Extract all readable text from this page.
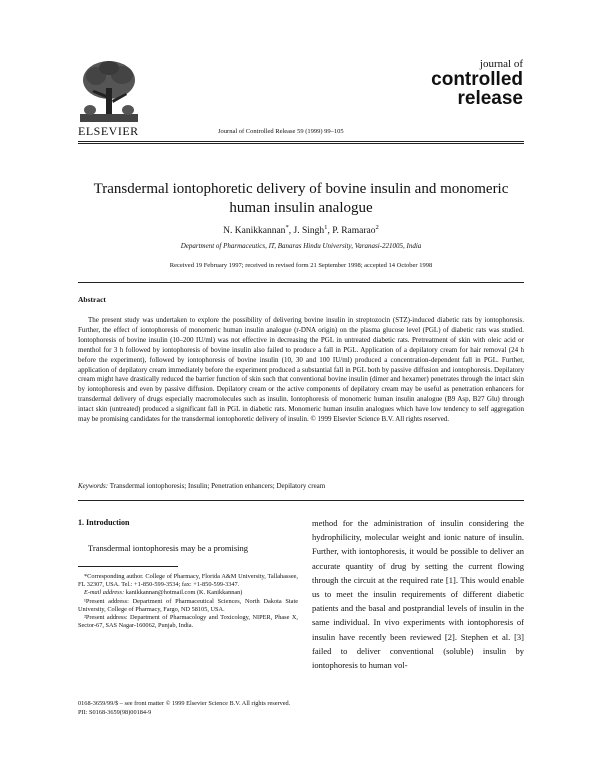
ELSEVIER	Journal of Controlled Release 59 (1999) 99–105
journal of
controlled
release
Transdermal iontophoretic delivery of bovine insulin and monomeric human insulin analogue
N. Kanikkannan*, J. Singh$^1$, P. Ramarao$^2$
Department of Pharmaceutics, IT, Banaras Hindu University, Varanasi-221005, India
Received 19 February 1997; received in revised form 21 September 1998; accepted 14 October 1998
Abstract
The present study was undertaken to explore the possibility of delivering bovine insulin in streptozocin (STZ)-induced diabetic rats by iontophoresis. Further, the effect of iontophoresis of monomeric human insulin analogue (r-DNA origin) on the plasma glucose level (PGL) of diabetic rats was studied. Iontophoresis of bovine insulin (10–200 IU/ml) was not effective in decreasing the PGL in untreated diabetic rats. Pretreatment of skin with oleic acid or menthol for 3 h followed by iontophoresis of bovine insulin also failed to produce a fall in PGL. Application of a depilatory cream for hair removal (24 h before the experiment), followed by iontophoresis of bovine insulin (10, 30 and 100 IU/ml) produced a concentration-dependent fall in PGL. Further, application of depilatory cream immediately before the experiment produced a substantial fall in PGL both by passive diffusion and iontophoresis. Depilatory cream might have drastically reduced the barrier function of skin such that conventional bovine insulin (dimer and hexamer) penetrates through the intact skin by iontophoresis and even by passive diffusion. Depilatory cream or the active components of depilatory cream may be useful as penetration enhancers for transdermal delivery of drugs especially macromolecules such as insulin. Iontophoresis of monomeric human insulin analogue (B9 Asp, B27 Glu) through intact skin (untreated) produced a significant fall in PGL in diabetic rats. Monomeric human insulin analogues which have low tendency to self aggregation may be promising candidates for the transdermal iontophoretic delivery of insulin. © 1999 Elsevier Science B.V. All rights reserved.
Keywords: Transdermal iontophoresis; Insulin; Penetration enhancers; Depilatory cream
1. Introduction
Transdermal iontophoresis may be a promising
method for the administration of insulin considering the hydrophilicity, molecular weight and ionic nature of insulin. Further, with iontophoresis, it would be possible to deliver an accurate quantity of drug by setting the current flowing through the circuit at the required rate [1]. This would enable us to meet the insulin requirements of different diabetic patients and the basal and postprandial levels of insulin in the same individual. In vivo experiments with iontophoresis of insulin have recently been reviewed [2]. Stephen et al. [3] failed to deliver conventional (soluble) insulin by iontophoresis to human vol-

*Corresponding author. College of Pharmacy, Florida A&M University, Tallahassee, FL 32307, USA. Tel.: +1-850-599-3534; fax: +1-850-599-3347.

E-mail address: kanikkannan@hotmail.com (K. Kanikkannan)

¹Present address: Department of Pharmaceutical Sciences, North Dakota State University, College of Pharmacy, Fargo, ND 58105, USA.

²Present address: Department of Pharmacology and Toxicology, NIPER, Phase X, Sector-67, SAS Nagar-160062, Punjab, India.

0168-3659/99/$ – see front matter © 1999 Elsevier Science B.V. All rights reserved.
PII: S0168-3659(98)00184-9
